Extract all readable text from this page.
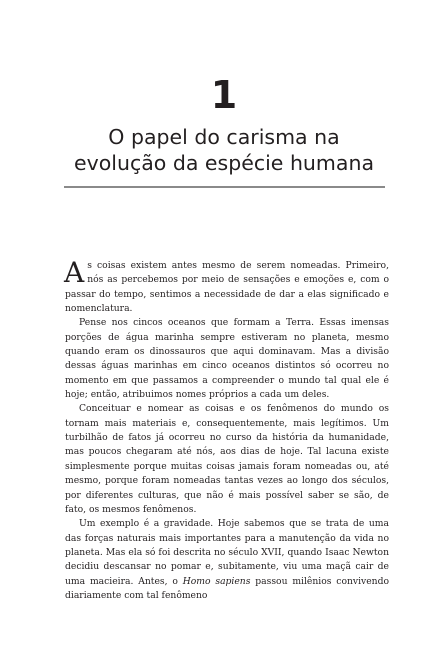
1
O papel do carisma na
evolução da espécie humana

As coisas existem antes mesmo de serem nomeadas. Primeiro, nós as percebemos por meio de sensações e emoções e, com o passar do tempo, sentimos a necessidade de dar a elas significado e nomenclatura.

Pense nos cincos oceanos que formam a Terra. Essas imensas porções de água marinha sempre estiveram no planeta, mesmo quando eram os dinossauros que aqui dominavam. Mas a divisão dessas águas marinhas em cinco oceanos distintos só ocorreu no momento em que passamos a compreender o mundo tal qual ele é hoje; então, atribuimos nomes próprios a cada um deles.

Conceituar e nomear as coisas e os fenômenos do mundo os tornam mais materiais e, consequentemente, mais legítimos. Um turbilhão de fatos já ocorreu no curso da história da humanidade, mas poucos chegaram até nós, aos dias de hoje. Tal lacuna existe simplesmente porque muitas coisas jamais foram nomeadas ou, até mesmo, porque foram nomeadas tantas vezes ao longo dos séculos, por diferentes culturas, que não é mais possível saber se são, de fato, os mesmos fenômenos.

Um exemplo é a gravidade. Hoje sabemos que se trata de uma das forças naturais mais importantes para a manutenção da vida no planeta. Mas ela só foi descrita no século XVII, quando Isaac Newton decidiu descansar no pomar e, subitamente, viu uma maçã cair de uma macieira. Antes, o Homo sapiens passou milênios convivendo diariamente com tal fenômeno
